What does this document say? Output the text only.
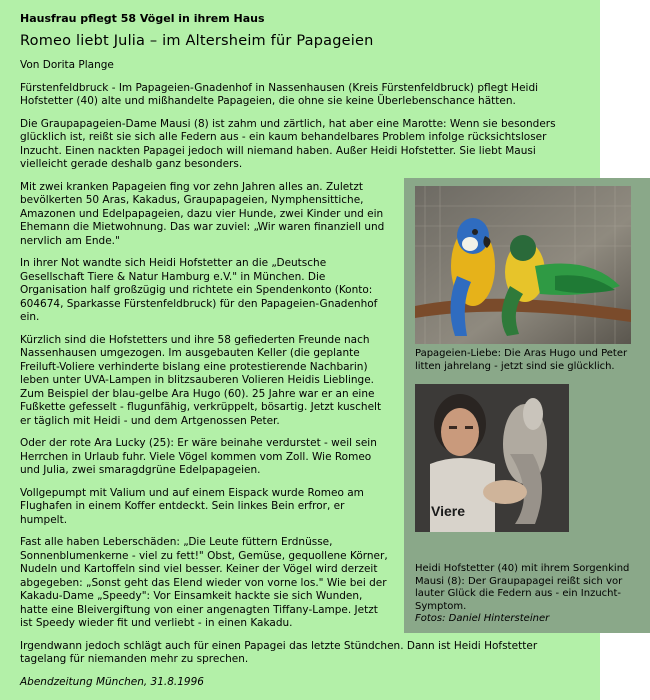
Hausfrau pflegt 58 Vögel in ihrem Haus
Romeo liebt Julia – im Altersheim für Papageien

Von Dorita Plange

Fürstenfeldbruck - Im Papageien-Gnadenhof in Nassenhausen (Kreis Fürstenfeldbruck) pflegt Heidi Hofstetter (40) alte und mißhandelte Papageien, die ohne sie keine Überlebenschance hätten.

Die Graupapageien-Dame Mausi (8) ist zahm und zärtlich, hat aber eine Marotte: Wenn sie besonders glücklich ist, reißt sie sich alle Federn aus - ein kaum behandelbares Problem infolge rücksichtsloser Inzucht. Einen nackten Papagei jedoch will niemand haben. Außer Heidi Hofstetter. Sie liebt Mausi vielleicht gerade deshalb ganz besonders.

Mit zwei kranken Papageien fing vor zehn Jahren alles an. Zuletzt bevölkerten 50 Aras, Kakadus, Graupapageien, Nymphensittiche, Amazonen und Edelpapageien, dazu vier Hunde, zwei Kinder und ein Ehemann die Mietwohnung. Das war zuviel: „Wir waren finanziell und nervlich am Ende."

In ihrer Not wandte sich Heidi Hofstetter an die „Deutsche Gesellschaft Tiere & Natur Hamburg e.V." in München. Die Organisation half großzügig und richtete ein Spendenkonto (Konto: 604674, Sparkasse Fürstenfeldbruck) für den Papageien-Gnadenhof ein.

Kürzlich sind die Hofstetters und ihre 58 gefiederten Freunde nach Nassenhausen umgezogen. Im ausgebauten Keller (die geplante Freiluft-Voliere verhinderte bislang eine protestierende Nachbarin) leben unter UVA-Lampen in blitzsauberen Volieren Heidis Lieblinge. Zum Beispiel der blau-gelbe Ara Hugo (60). 25 Jahre war er an eine Fußkette gefesselt - flugunfähig, verkrüppelt, bösartig. Jetzt kuschelt er täglich mit Heidi - und dem Artgenossen Peter.

Oder der rote Ara Lucky (25): Er wäre beinahe verdurstet - weil sein Herrchen in Urlaub fuhr. Viele Vögel kommen vom Zoll. Wie Romeo und Julia, zwei smaragdgrüne Edelpapageien.

Vollgepumpt mit Valium und auf einem Eispack wurde Romeo am Flughafen in einem Koffer entdeckt. Sein linkes Bein erfror, er humpelt.

Fast alle haben Leberschäden: „Die Leute füttern Erdnüsse, Sonnenblumenkerne - viel zu fett!" Obst, Gemüse, gequollene Körner, Nudeln und Kartoffeln sind viel besser. Keiner der Vögel wird derzeit abgegeben: „Sonst geht das Elend wieder von vorne los." Wie bei der Kakadu-Dame „Speedy": Vor Einsamkeit hackte sie sich Wunden, hatte eine Bleivergiftung von einer angenagten Tiffany-Lampe. Jetzt ist Speedy wieder fit und verliebt - in einen Kakadu.

Irgendwann jedoch schlägt auch für einen Papagei das letzte Stündchen. Dann ist Heidi Hofstetter tagelang für niemanden mehr zu sprechen.

Abendzeitung München, 31.8.1996

Papageien-Liebe: Die Aras Hugo und Peter litten jahrelang - jetzt sind sie glücklich.

Viere

Heidi Hofstetter (40) mit ihrem Sorgenkind Mausi (8): Der Graupapagei reißt sich vor lauter Glück die Federn aus - ein Inzucht-Symptom.

Fotos: Daniel Hintersteiner
